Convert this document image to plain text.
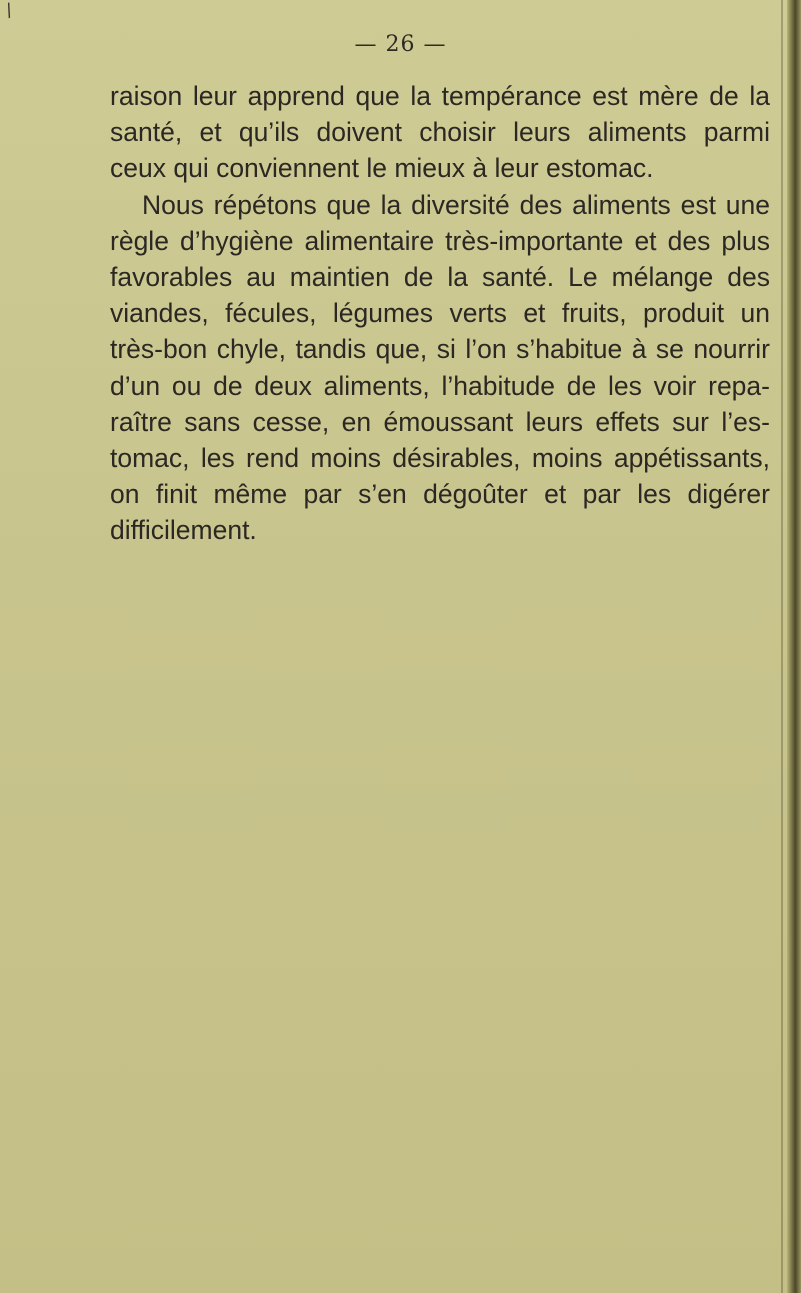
/
— 26 —
raison leur apprend que la tempérance est mère de la
santé, et qu’ils doivent choisir leurs aliments parmi
ceux qui conviennent le mieux à leur estomac.
Nous répétons que la diversité des aliments est une
règle d’hygiène alimentaire très-importante et des plus
favorables au maintien de la santé. Le mélange des
viandes, fécules, légumes verts et fruits, produit un
très-bon chyle, tandis que, si l’on s’habitue à se nourrir
d’un ou de deux aliments, l’habitude de les voir repa-
raître sans cesse, en émoussant leurs effets sur l’es-
tomac, les rend moins désirables, moins appétissants,
on finit même par s’en dégoûter et par les digérer
difficilement.
